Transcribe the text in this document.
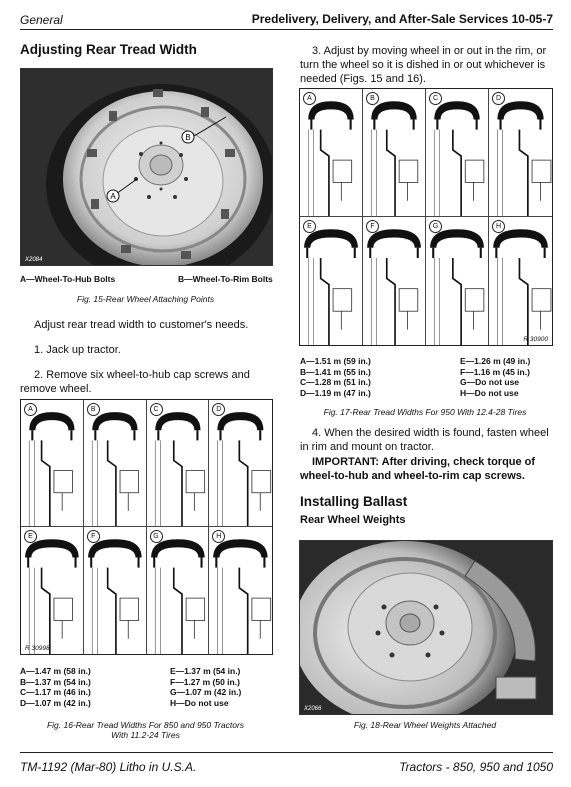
General	Predelivery, Delivery, and After-Sale Services 10-05-7
Adjusting Rear Tread Width
A
B
X2084
A—Wheel-To-Hub Bolts	B—Wheel-To-Rim Bolts
Fig. 15-Rear Wheel Attaching Points

Adjust rear tread width to customer's needs.

1. Jack up tractor.

2. Remove six wheel-to-hub cap screws and remove wheel.

A	B	C	D
E	F	G	H
R 30998
A—1.47 m (58 in.)
B—1.37 m (54 in.)
C—1.17 m (46 in.)
D—1.07 m (42 in.)
E—1.37 m (54 in.)
F—1.27 m (50 in.)
G—1.07 m (42 in.)
H—Do not use
Fig. 16-Rear Tread Widths For 850 and 950 Tractors
With 11.2-24 Tires

3. Adjust by moving wheel in or out in the rim, or turn the wheel so it is dished in or out whichever is needed (Figs. 15 and 16).

A	B	C	D
E	F	G	H
R 30900
A—1.51 m (59 in.)
B—1.41 m (55 in.)
C—1.28 m (51 in.)
D—1.19 m (47 in.)
E—1.26 m (49 in.)
F—1.16 m (45 in.)
G—Do not use
H—Do not use
Fig. 17-Rear Tread Widths For 950 With 12.4-28 Tires

4. When the desired width is found, fasten wheel in rim and mount on tractor.

IMPORTANT: After driving, check torque of wheel-to-hub and wheel-to-rim cap screws.

Installing Ballast
Rear Wheel Weights
X2066
Fig. 18-Rear Wheel Weights Attached
TM-1192 (Mar-80) Litho in U.S.A.	Tractors - 850, 950 and 1050
